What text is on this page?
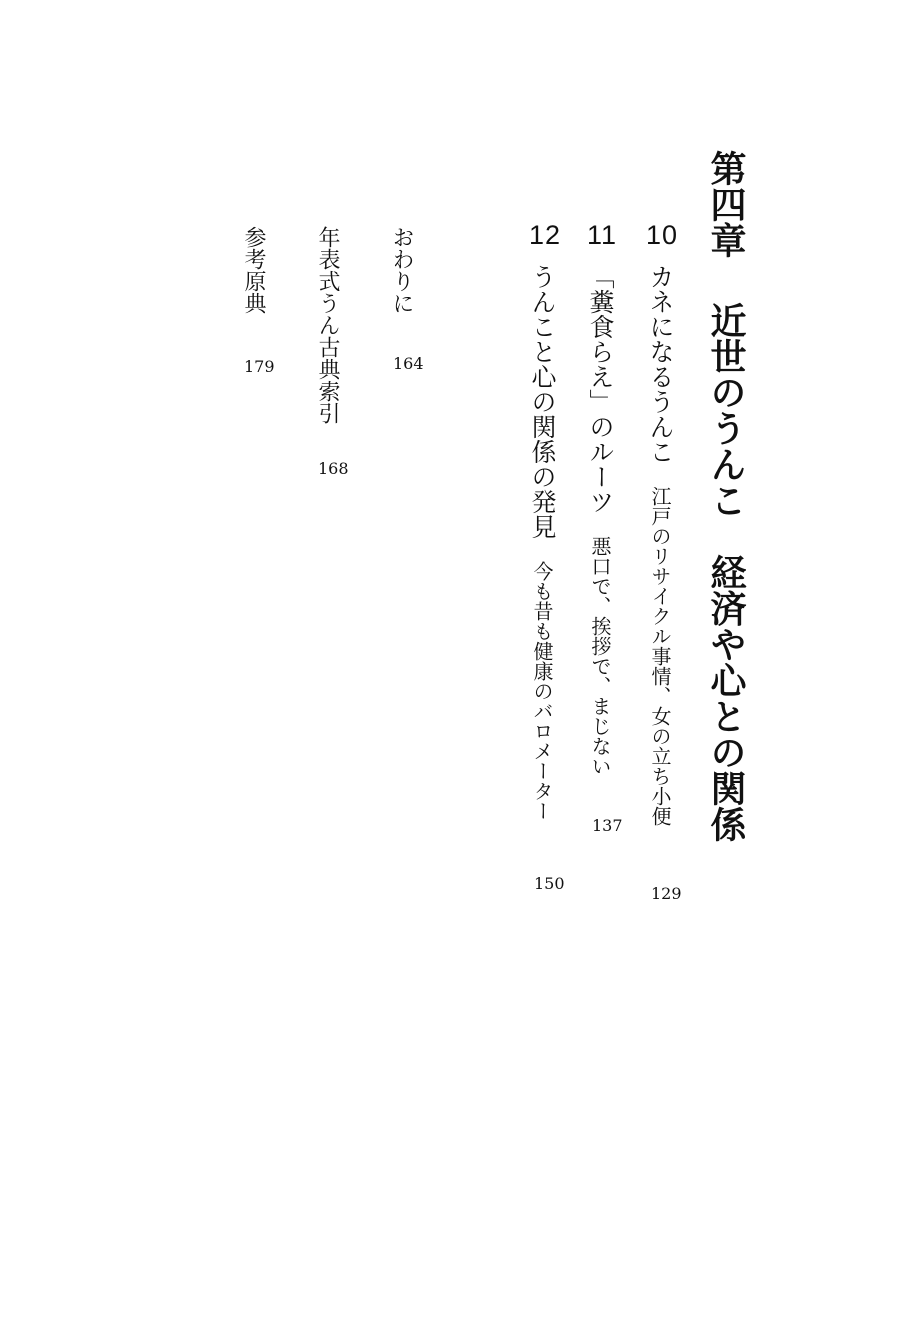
第四章近世のうんこ　経済や心との関係
10
カネになるうんこ江戸のリサイクル事情、女の立ち小便
129
11
「糞食らえ」のルーツ悪口で、挨拶で、まじない
137
12
うんこと心の関係の発見今も昔も健康のバロメーター
150
おわりに
164
年表式うん古典索引
168
参考原典
179
